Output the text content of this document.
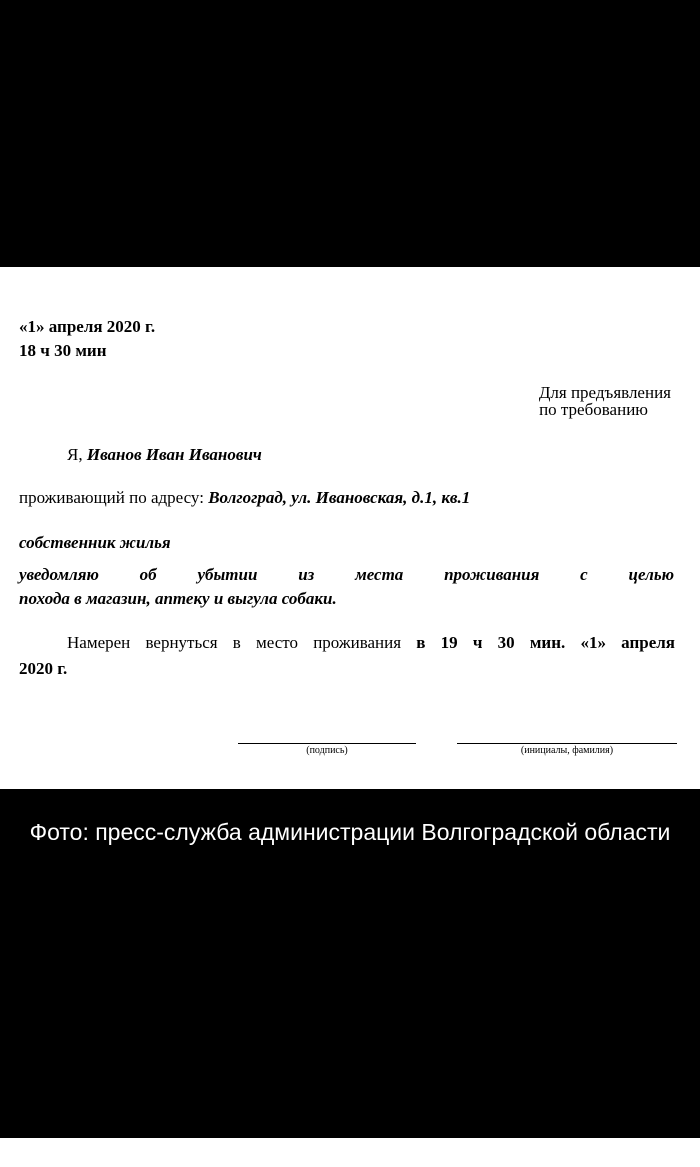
«1» апреля 2020 г.
18 ч 30 мин
Для предъявления
по требованию
Я, Иванов Иван Иванович
проживающий по адресу: Волгоград, ул. Ивановская, д.1, кв.1
собственник жилья
уведомляю об убытии из места проживания с целью
похода в магазин, аптеку и выгула собаки.
Намерен вернуться в место проживания в 19 ч 30 мин. «1» апреля
2020 г.
(подпись)	(инициалы, фамилия)
Фото: пресс-служба администрации Волгоградской области
